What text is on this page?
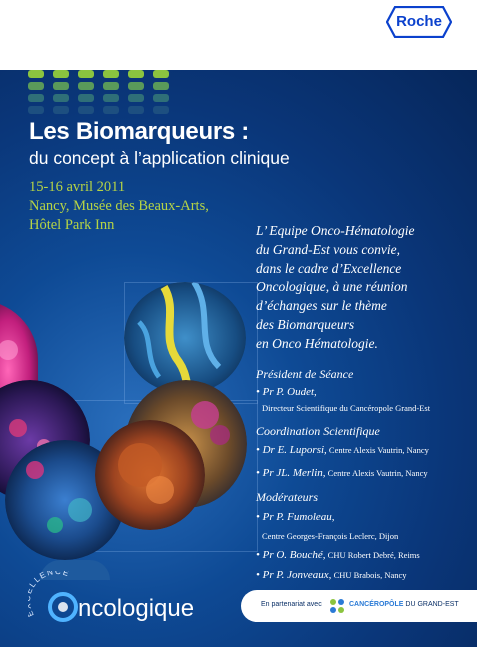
Roche
Les Biomarqueurs :
du concept à l’application clinique
15-16 avril 2011
Nancy, Musée des Beaux-Arts,
Hôtel Park Inn	L’ Equipe Onco-Hématologie
du Grand-Est vous convie,
dans le cadre d’Excellence
Oncologique, à une réunion
d’échanges sur le thème
des Biomarqueurs
en Onco Hématologie.
Président de Séance
• Pr P. Oudet,
Directeur Scientifique du Cancéropole Grand-Est
Coordination Scientifique
• Dr E. Luporsi, Centre Alexis Vautrin, Nancy
• Pr JL. Merlin, Centre Alexis Vautrin, Nancy
Modérateurs
• Pr P. Fumoleau,
Centre Georges-François Leclerc, Dijon
• Pr O. Bouché, CHU Robert Debré, Reims
• Pr P. Jonveaux, CHU Brabois, Nancy
LLENCE
ncologique	En partenariat avec	CANCÉROPÔLE DU GRAND-EST
